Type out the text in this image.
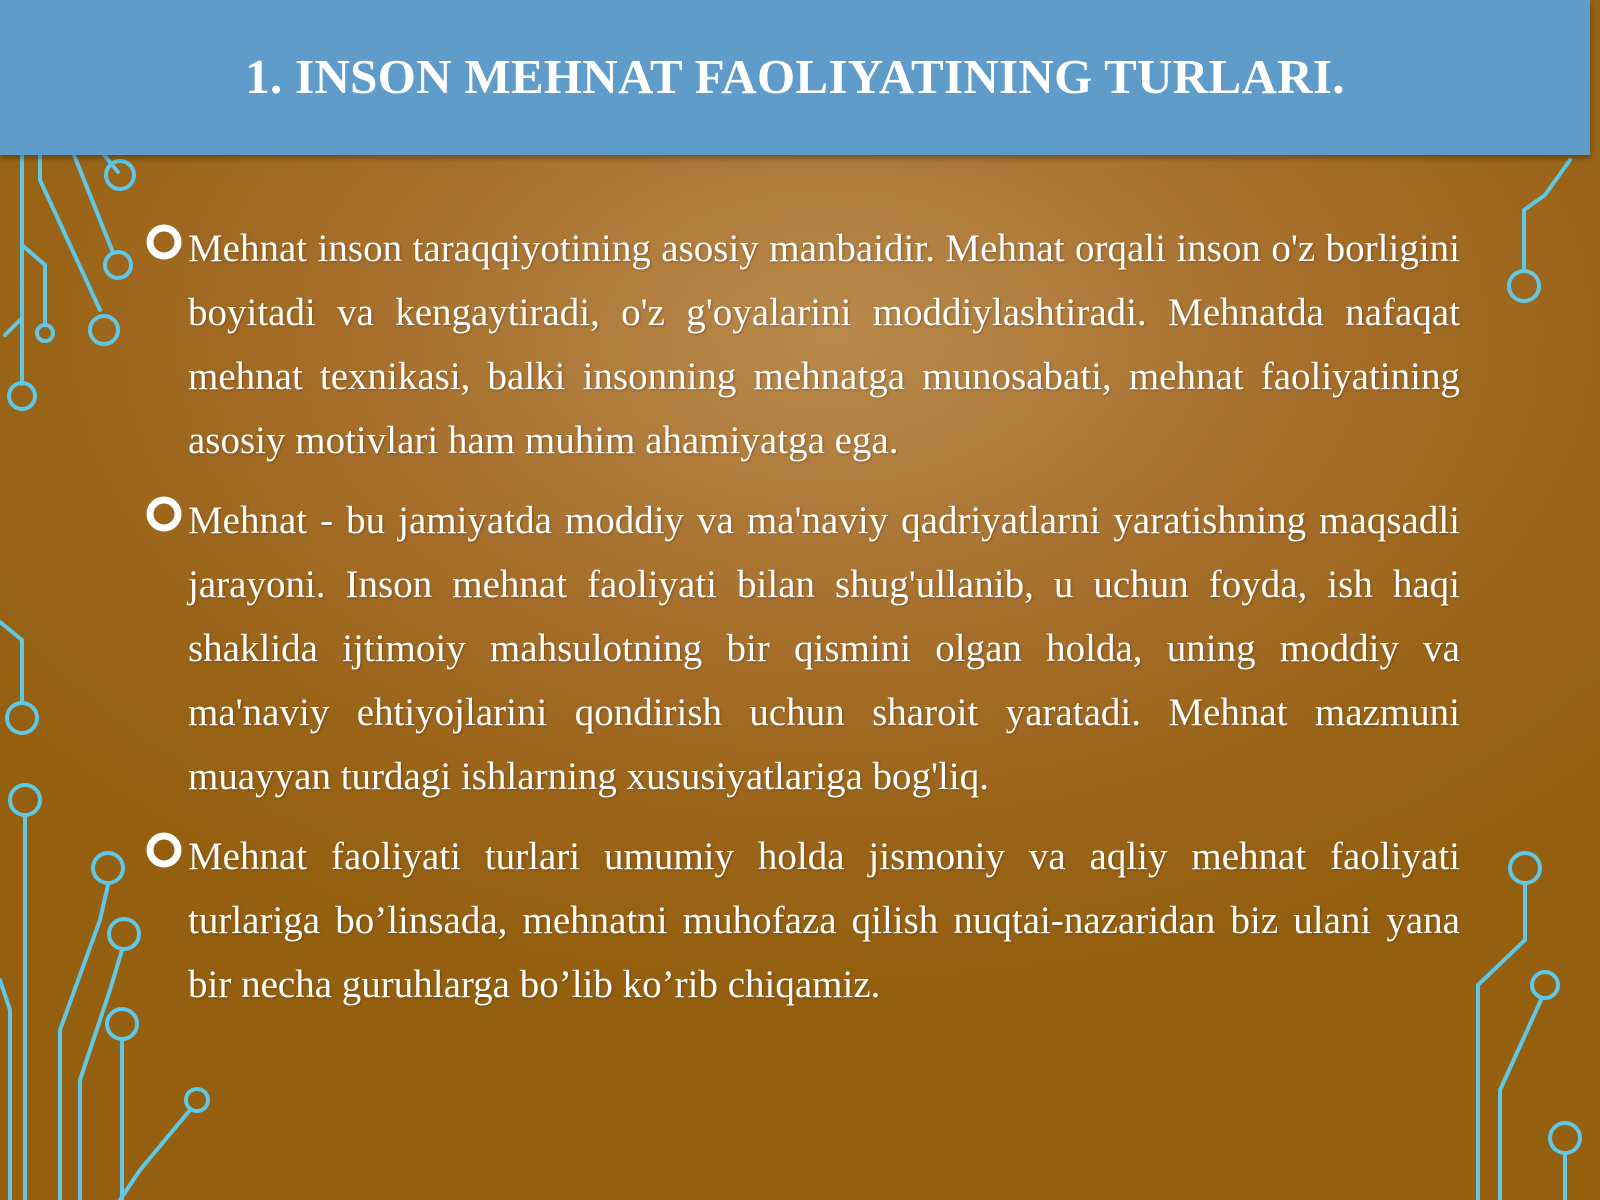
1. INSON MEHNAT FAOLIYATINING TURLARI.
Mehnat inson taraqqiyotining asosiy manbaidir. Mehnat orqali inson o'z borligini boyitadi va kengaytiradi, o'z g'oyalarini moddiylashtiradi. Mehnatda nafaqat mehnat texnikasi, balki insonning mehnatga munosabati, mehnat faoliyatining asosiy motivlari ham muhim ahamiyatga ega.
Mehnat - bu jamiyatda moddiy va ma'naviy qadriyatlarni yaratishning maqsadli jarayoni. Inson mehnat faoliyati bilan shug'ullanib, u uchun foyda, ish haqi shaklida ijtimoiy mahsulotning bir qismini olgan holda, uning moddiy va ma'naviy ehtiyojlarini qondirish uchun sharoit yaratadi. Mehnat mazmuni muayyan turdagi ishlarning xususiyatlariga bog'liq.
Mehnat faoliyati turlari umumiy holda jismoniy va aqliy mehnat faoliyati turlariga bo’linsada, mehnatni muhofaza qilish nuqtai-nazaridan biz ulani yana bir necha guruhlarga bo’lib ko’rib chiqamiz.
